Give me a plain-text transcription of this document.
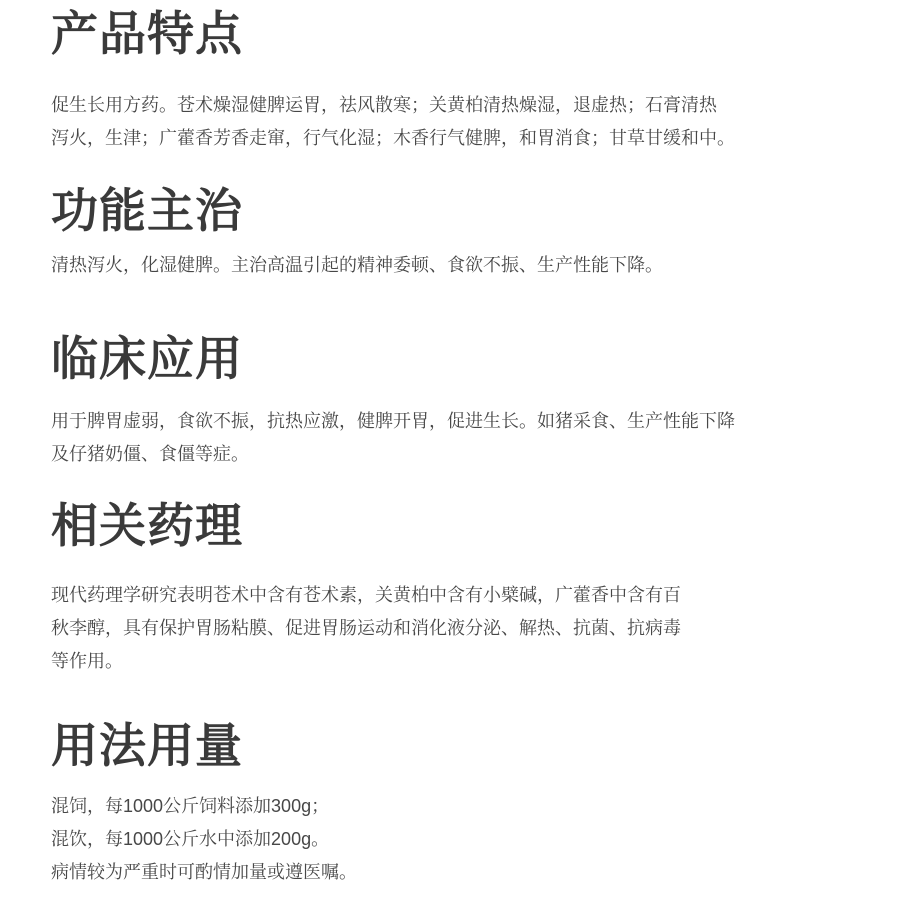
产品特点
促生长用方药。苍术燥湿健脾运胃，祛风散寒；关黄柏清热燥湿，退虚热；石膏清热
泻火，生津；广藿香芳香走窜，行气化湿；木香行气健脾，和胃消食；甘草甘缓和中。
功能主治
清热泻火，化湿健脾。主治高温引起的精神委顿、食欲不振、生产性能下降。
临床应用
用于脾胃虚弱，食欲不振，抗热应激，健脾开胃，促进生长。如猪采食、生产性能下降
及仔猪奶僵、食僵等症。
相关药理
现代药理学研究表明苍术中含有苍术素，关黄柏中含有小檗碱，广藿香中含有百
秋李醇，具有保护胃肠粘膜、促进胃肠运动和消化液分泌、解热、抗菌、抗病毒
等作用。
用法用量
混饲，每1000公斤饲料添加300g；
混饮，每1000公斤水中添加200g。
病情较为严重时可酌情加量或遵医嘱。
